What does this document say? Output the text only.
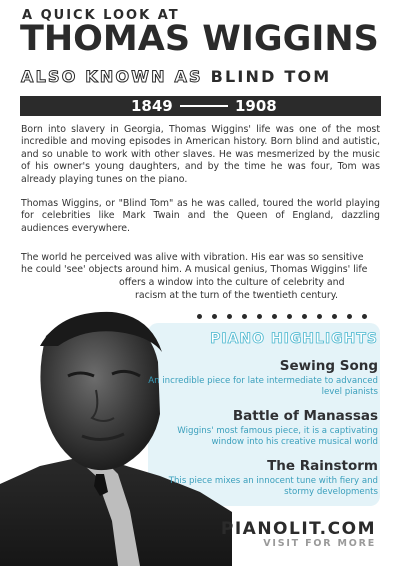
A QUICK LOOK AT
THOMAS WIGGINS
ALSO KNOWN AS BLIND TOM
1849	1908

Born into slavery in Georgia, Thomas Wiggins' life was one of the most incredible and moving episodes in American history. Born blind and autistic, and so unable to work with other slaves. He was mesmerized by the music of his owner's young daughters, and by the time he was four, Tom was already playing tunes on the piano.

Thomas Wiggins, or "Blind Tom" as he was called, toured the world playing for celebrities like Mark Twain and the Queen of England, dazzling audiences everywhere.

The world he perceived was alive with vibration. His ear was so sensitive
he could 'see' objects around him. A musical genius, Thomas Wiggins' life
offers a window into the culture of celebrity and
racism at the turn of the twentieth century.
PIANO HIGHLIGHTS
Sewing Song
An incredible piece for late intermediate to advanced level pianists
Battle of Manassas
Wiggins' most famous piece, it is a captivating window into his creative musical world
The Rainstorm
This piece mixes an innocent tune with fiery and stormy developments
PIANOLIT.COM
VISIT FOR MORE
